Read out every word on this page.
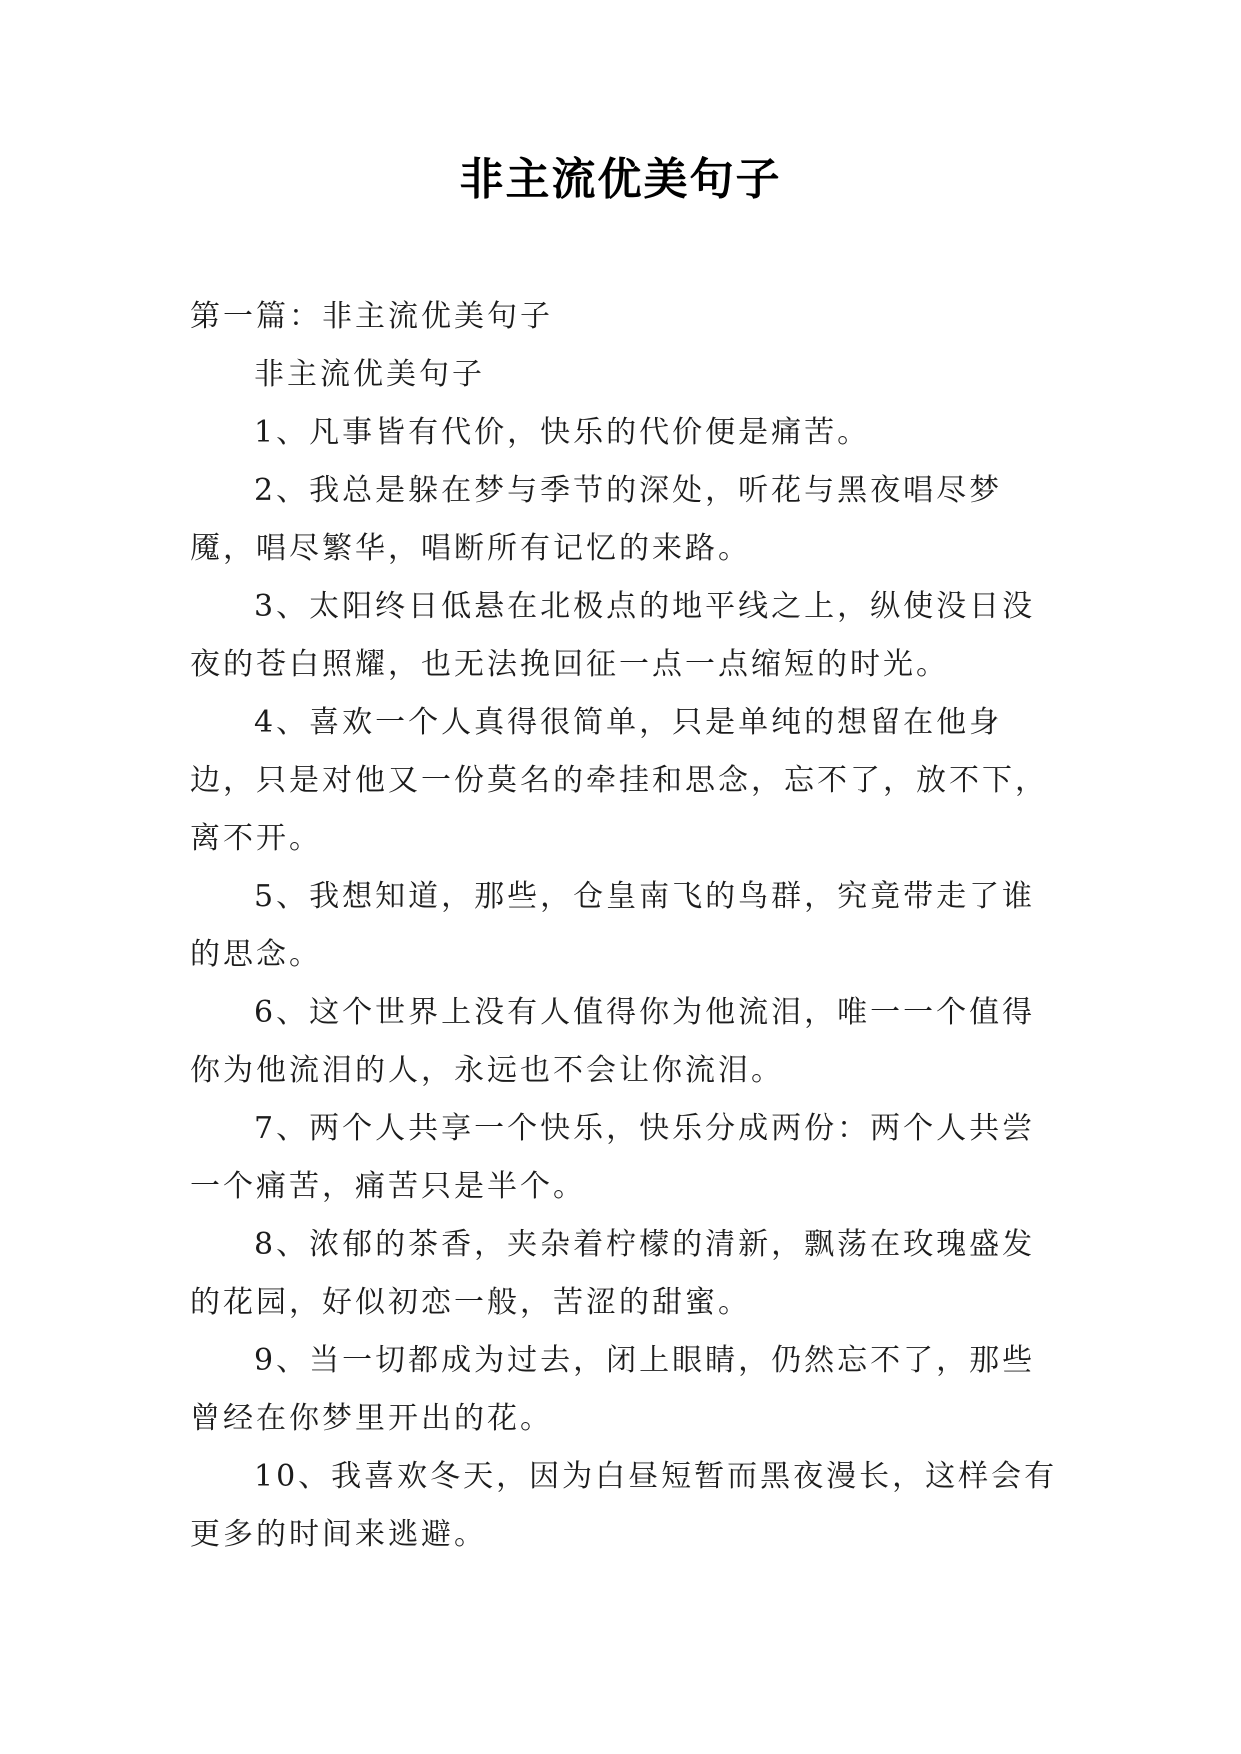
非主流优美句子

第一篇：非主流优美句子

非主流优美句子

1、凡事皆有代价，快乐的代价便是痛苦。

2、我总是躲在梦与季节的深处，听花与黑夜唱尽梦魇，唱尽繁华，唱断所有记忆的来路。

3、太阳终日低悬在北极点的地平线之上，纵使没日没夜的苍白照耀，也无法挽回征一点一点缩短的时光。

4、喜欢一个人真得很简单，只是单纯的想留在他身边，只是对他又一份莫名的牵挂和思念，忘不了，放不下，离不开。

5、我想知道，那些，仓皇南飞的鸟群，究竟带走了谁的思念。

6、这个世界上没有人值得你为他流泪，唯一一个值得你为他流泪的人，永远也不会让你流泪。

7、两个人共享一个快乐，快乐分成两份：两个人共尝一个痛苦，痛苦只是半个。

8、浓郁的茶香，夹杂着柠檬的清新，飘荡在玫瑰盛发的花园，好似初恋一般，苦涩的甜蜜。

9、当一切都成为过去，闭上眼睛，仍然忘不了，那些曾经在你梦里开出的花。

10、我喜欢冬天，因为白昼短暂而黑夜漫长，这样会有更多的时间来逃避。
